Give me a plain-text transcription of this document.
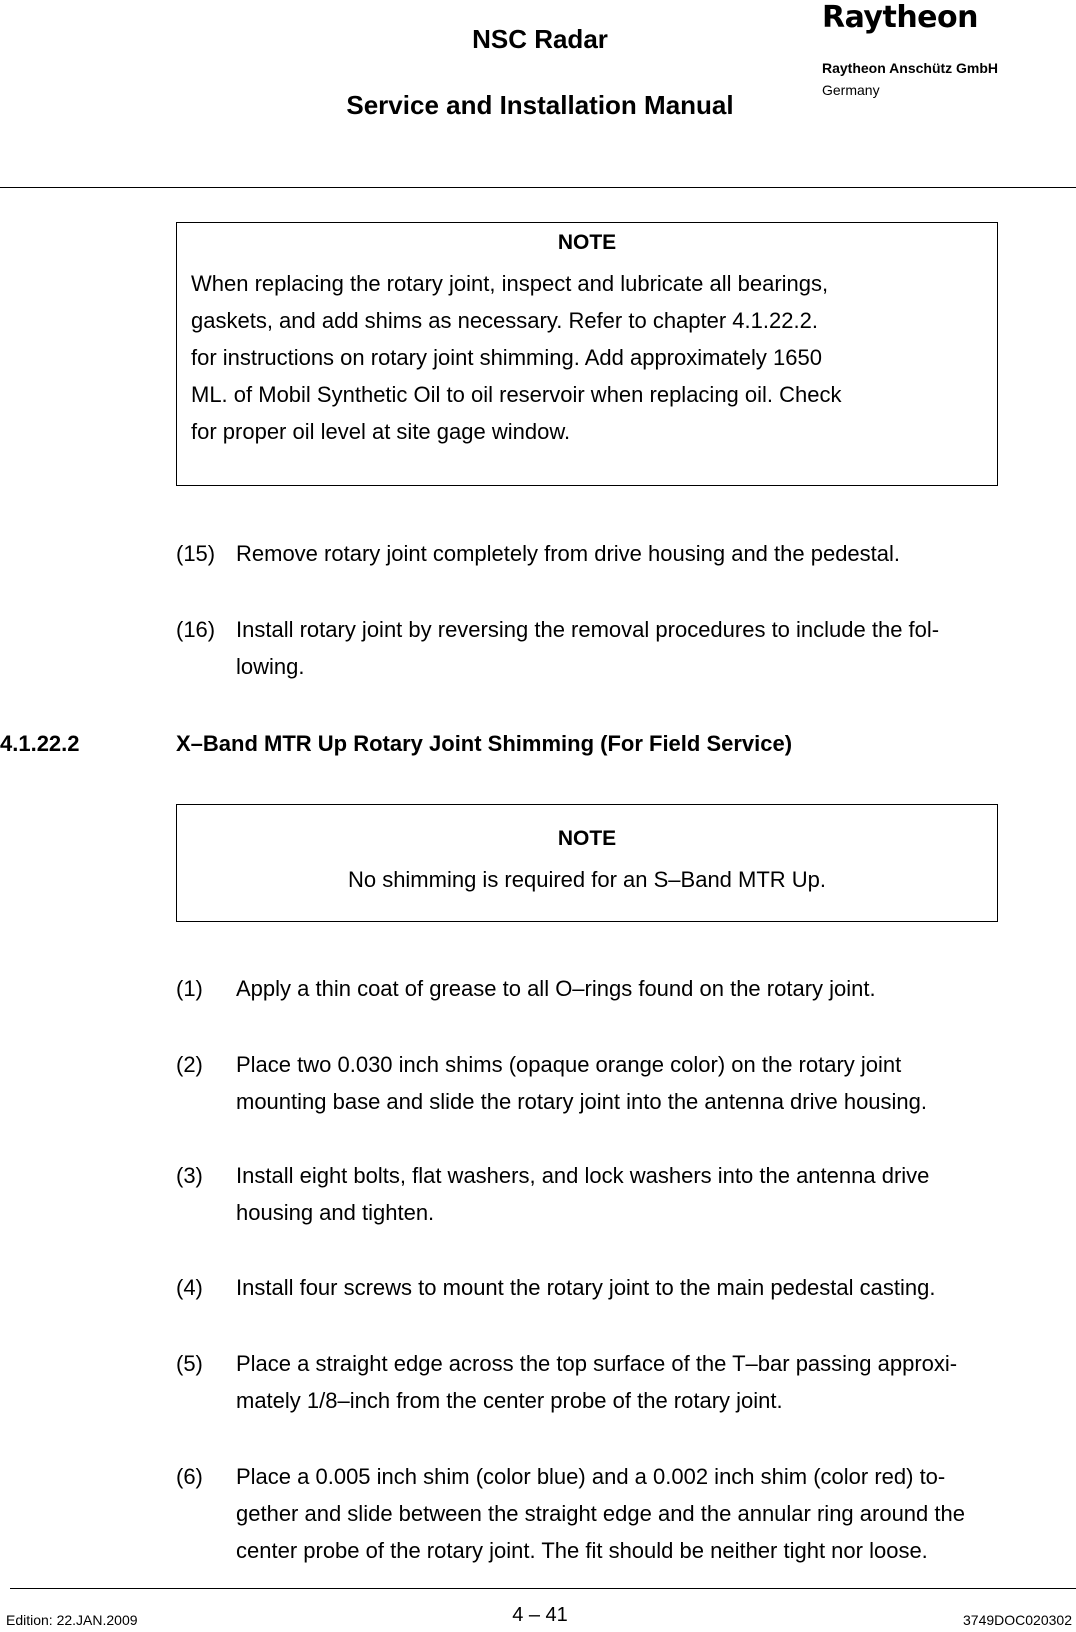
NSC Radar
Service and Installation Manual
Raytheon
Raytheon Anschütz GmbH
Germany
NOTE
When replacing the rotary joint, inspect and lubricate all bearings,
gaskets, and add shims as necessary. Refer to chapter 4.1.22.2.
for instructions on rotary joint shimming. Add approximately 1650
ML. of Mobil Synthetic Oil to oil reservoir when replacing oil. Check
for proper oil level at site gage window.
(15) Remove rotary joint completely from drive housing and the pedestal.
(16) Install rotary joint by reversing the removal procedures to include the fol-
lowing.
4.1.22.2	X–Band MTR Up Rotary Joint Shimming (For Field Service)
NOTE
No shimming is required for an S–Band MTR Up.
(1) Apply a thin coat of grease to all O–rings found on the rotary joint.
(2) Place two 0.030 inch shims (opaque orange color) on the rotary joint
mounting base and slide the rotary joint into the antenna drive housing.
(3) Install eight bolts, flat washers, and lock washers into the antenna drive
housing and tighten.
(4) Install four screws to mount the rotary joint to the main pedestal casting.
(5) Place a straight edge across the top surface of the T–bar passing approxi-
mately 1/8–inch from the center probe of the rotary joint.
(6) Place a 0.005 inch shim (color blue) and a 0.002 inch shim (color red) to-
gether and slide between the straight edge and the annular ring around the
center probe of the rotary joint. The fit should be neither tight nor loose.
Edition: 22.JAN.2009	4 – 41	3749DOC020302
